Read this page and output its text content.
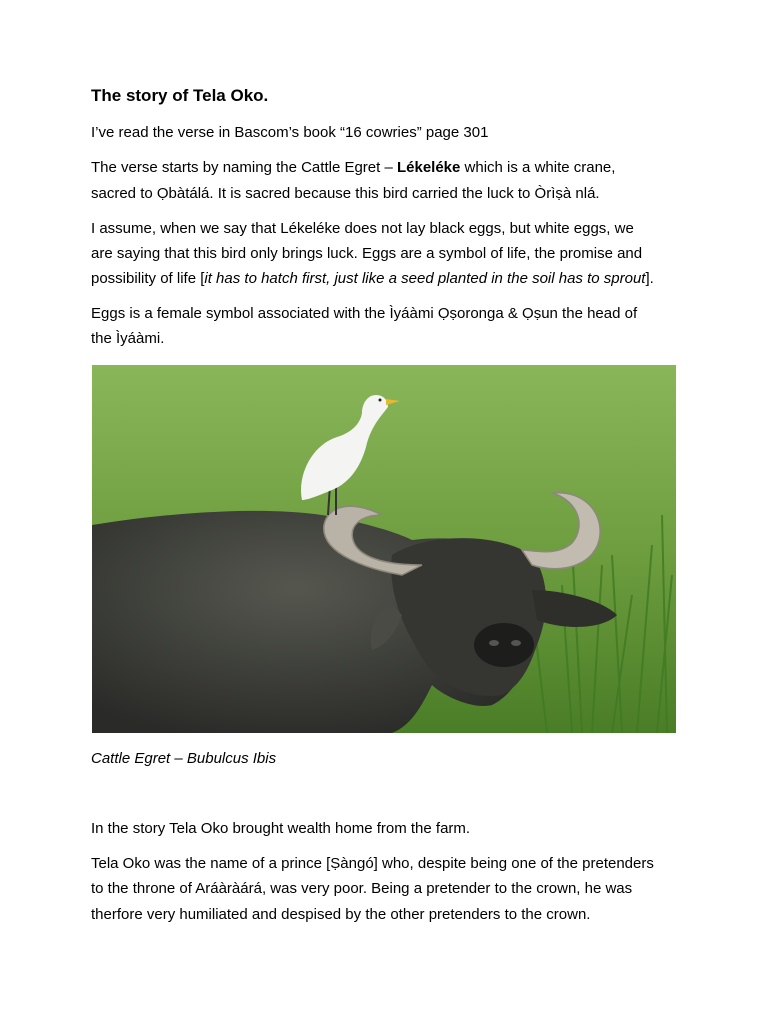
The story of Tela Oko.
I’ve read the verse in Bascom’s book “16 cowries” page 301
The verse starts by naming the Cattle Egret – Lékeléke which is a white crane,
sacred to Ọbàtálá. It is sacred because this bird carried the luck to Òrìṣà nlá.
I assume, when we say that Lékeléke does not lay black eggs, but white eggs, we
are saying that this bird only brings luck. Eggs are a symbol of life, the promise and
possibility of life [it has to hatch first, just like a seed planted in the soil has to sprout].
Eggs is a female symbol associated with the Ìyáàmi Ọṣoronga & Ọṣun the head of
the Ìyáàmi.
Cattle Egret – Bubulcus Ibis
In the story Tela Oko brought wealth home from the farm.
Tela Oko was the name of a prince [Ṣàngó] who, despite being one of the pretenders
to the throne of Aráàràárá, was very poor. Being a pretender to the crown, he was
therfore very humiliated and despised by the other pretenders to the crown.
